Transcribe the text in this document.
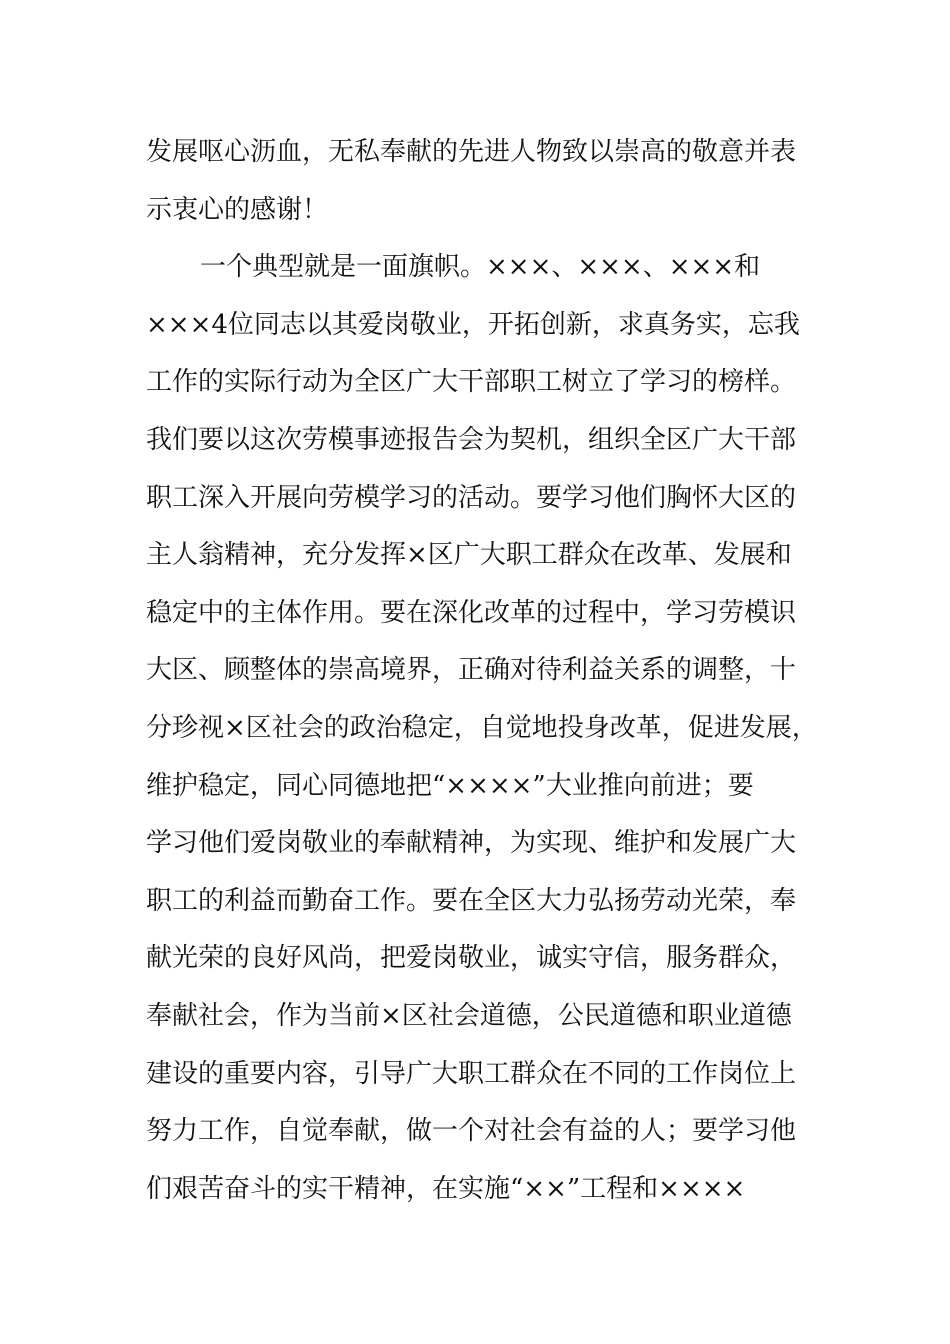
发展呕心沥血，无私奉献的先进人物致以崇高的敬意并表
示衷心的感谢！
一个典型就是一面旗帜。×××、×××、×××和
×××4位同志以其爱岗敬业，开拓创新，求真务实，忘我
工作的实际行动为全区广大干部职工树立了学习的榜样。
我们要以这次劳模事迹报告会为契机，组织全区广大干部
职工深入开展向劳模学习的活动。要学习他们胸怀大区的
主人翁精神，充分发挥×区广大职工群众在改革、发展和
稳定中的主体作用。要在深化改革的过程中，学习劳模识
大区、顾整体的崇高境界，正确对待利益关系的调整，十
分珍视×区社会的政治稳定，自觉地投身改革，促进发展，
维护稳定，同心同德地把“××××”大业推向前进；要
学习他们爱岗敬业的奉献精神，为实现、维护和发展广大
职工的利益而勤奋工作。要在全区大力弘扬劳动光荣，奉
献光荣的良好风尚，把爱岗敬业，诚实守信，服务群众，
奉献社会，作为当前×区社会道德，公民道德和职业道德
建设的重要内容，引导广大职工群众在不同的工作岗位上
努力工作，自觉奉献，做一个对社会有益的人；要学习他
们艰苦奋斗的实干精神，在实施“××”工程和××××
